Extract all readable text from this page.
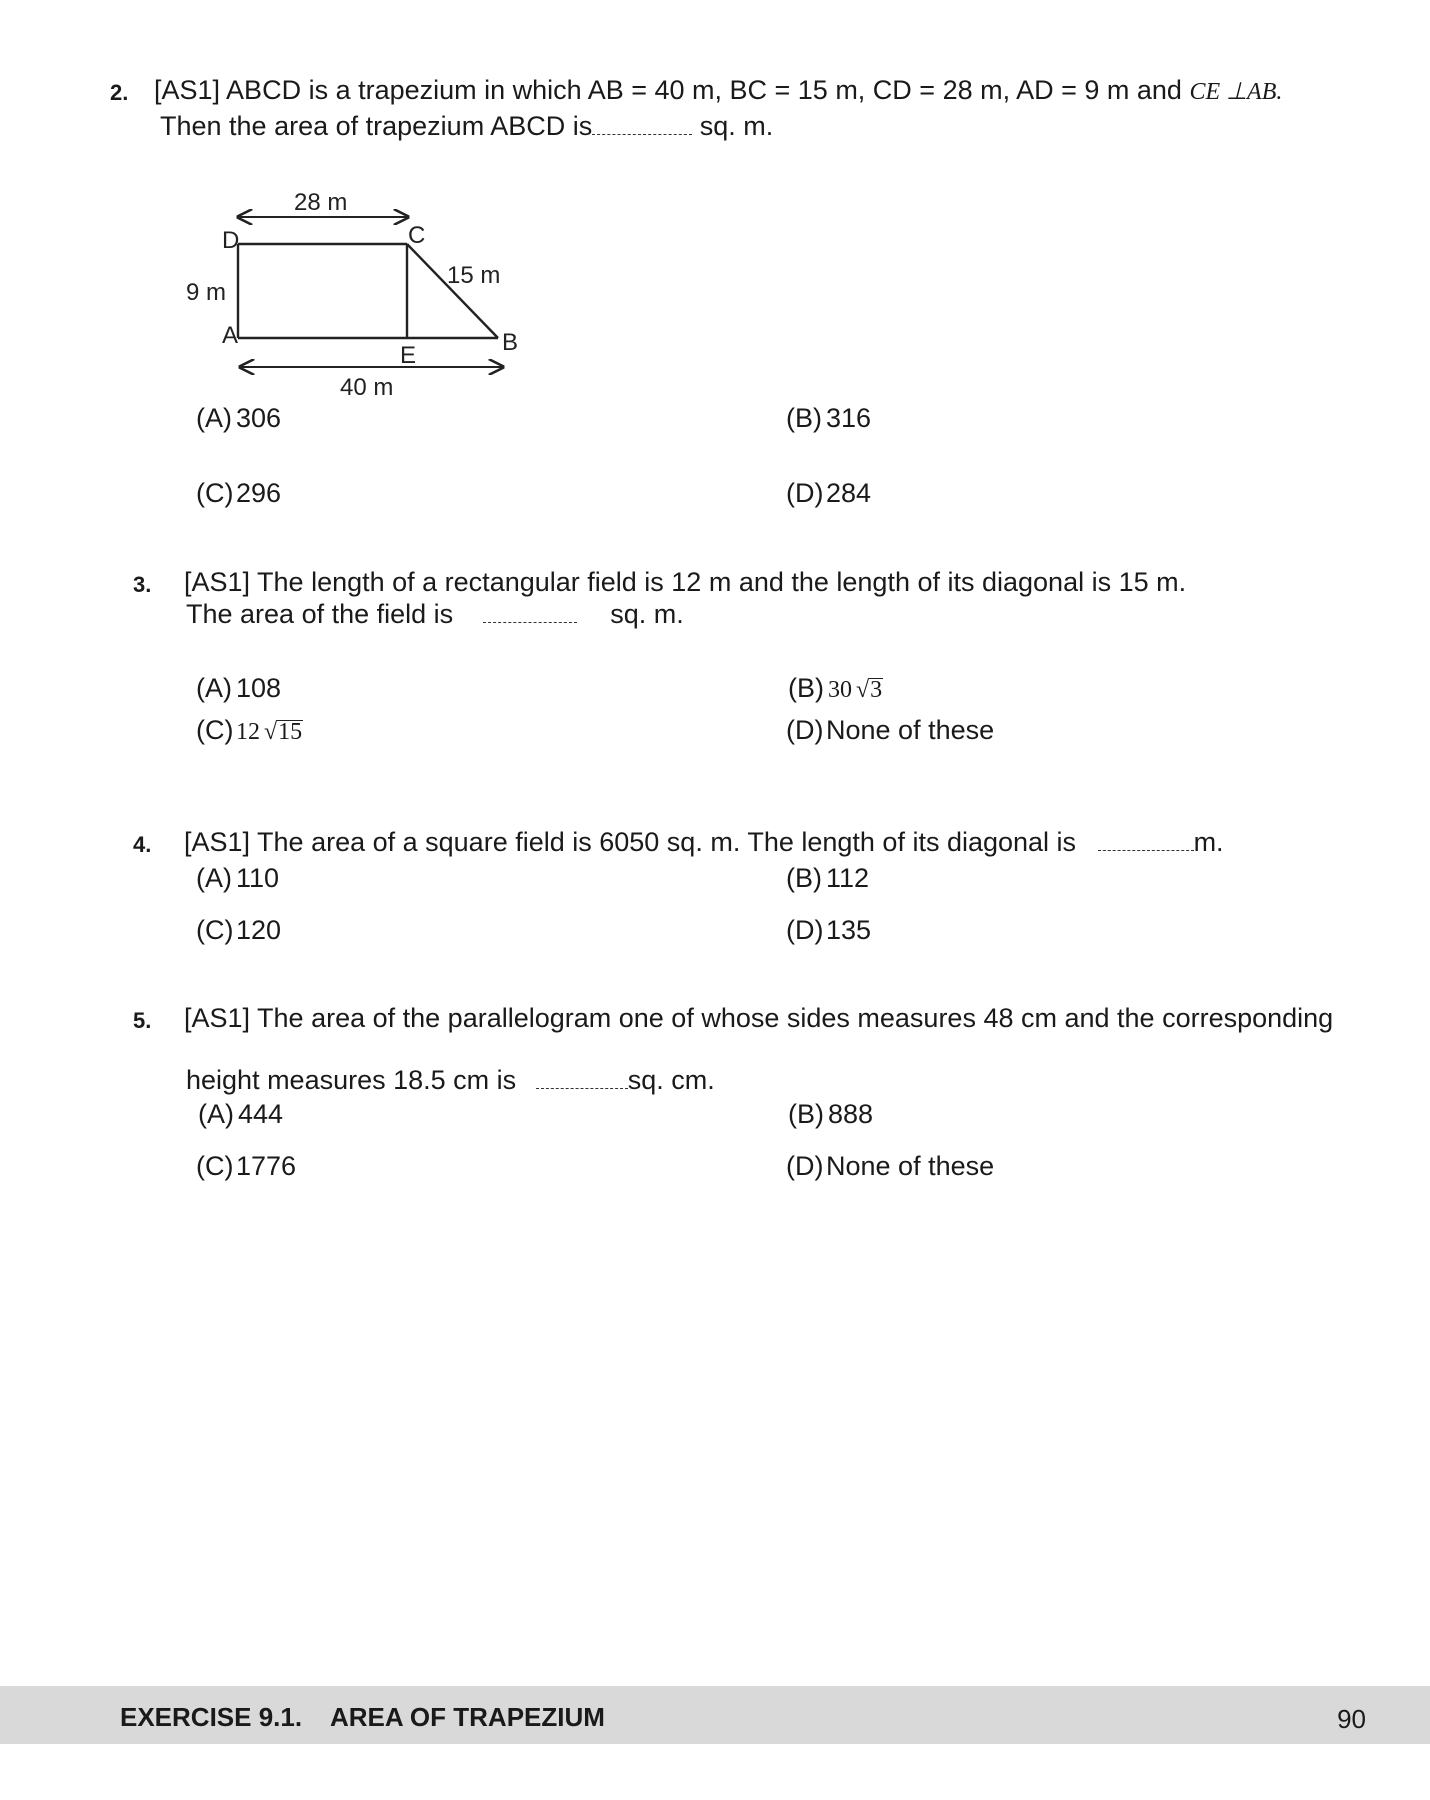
2. [AS1] ABCD is a trapezium in which AB = 40 m, BC = 15 m, CD = 28 m, AD = 9 m and CE ⊥AB.
Then the area of trapezium ABCD is	sq. m.
28 m
9 m
15 m
40 m
D	C
A
E	B
(A) 306	(B) 316
(C)296	(D)284
3. [AS1] The length of a rectangular field is 12 m and the length of its diagonal is 15 m.
The area of the field is	sq. m.
(A) 108	(B) 30 √3
(C) 12 √15	(D)None of these
4. [AS1] The area of a square field is 6050 sq. m. The length of its diagonal is	m.
(A) 110	(B) 112
(C)120	(D)135
5. [AS1] The area of the parallelogram one of whose sides measures 48 cm and the corresponding
height measures 18.5 cm is	sq. cm.
(A) 444	(B) 888
(C)1776	(D)None of these
EXERCISE 9.1.    AREA OF TRAPEZIUM	90
